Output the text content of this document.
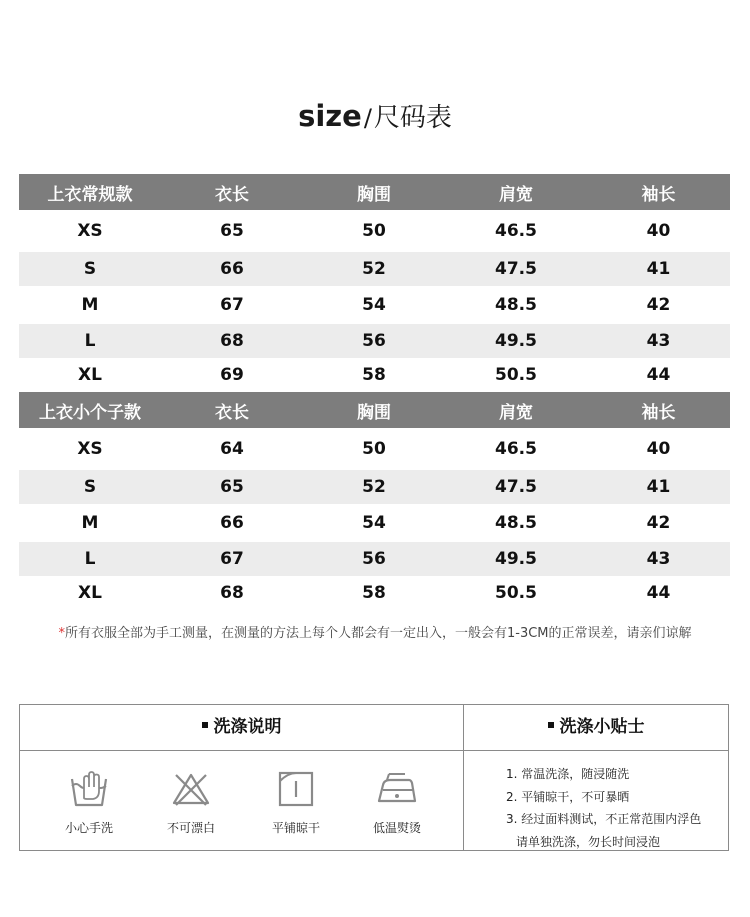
size/尺码表
上衣常规款	衣长	胸围	肩宽	袖长
XS	65	50	46.5	40
S	66	52	47.5	41
M	67	54	48.5	42
L	68	56	49.5	43
XL	69	58	50.5	44
上衣小个子款	衣长	胸围	肩宽	袖长
XS	64	50	46.5	40
S	65	52	47.5	41
M	66	54	48.5	42
L	67	56	49.5	43
XL	68	58	50.5	44
*所有衣服全部为手工测量，在测量的方法上每个人都会有一定出入，一般会有1-3CM的正常误差，请亲们谅解
洗涤说明	洗涤小贴士
小心手洗	不可漂白	平铺晾干	低温熨烫
1. 常温洗涤，随浸随洗
2. 平铺晾干，不可暴晒
3. 经过面料测试，不正常范围内浮色
请单独洗涤，勿长时间浸泡
